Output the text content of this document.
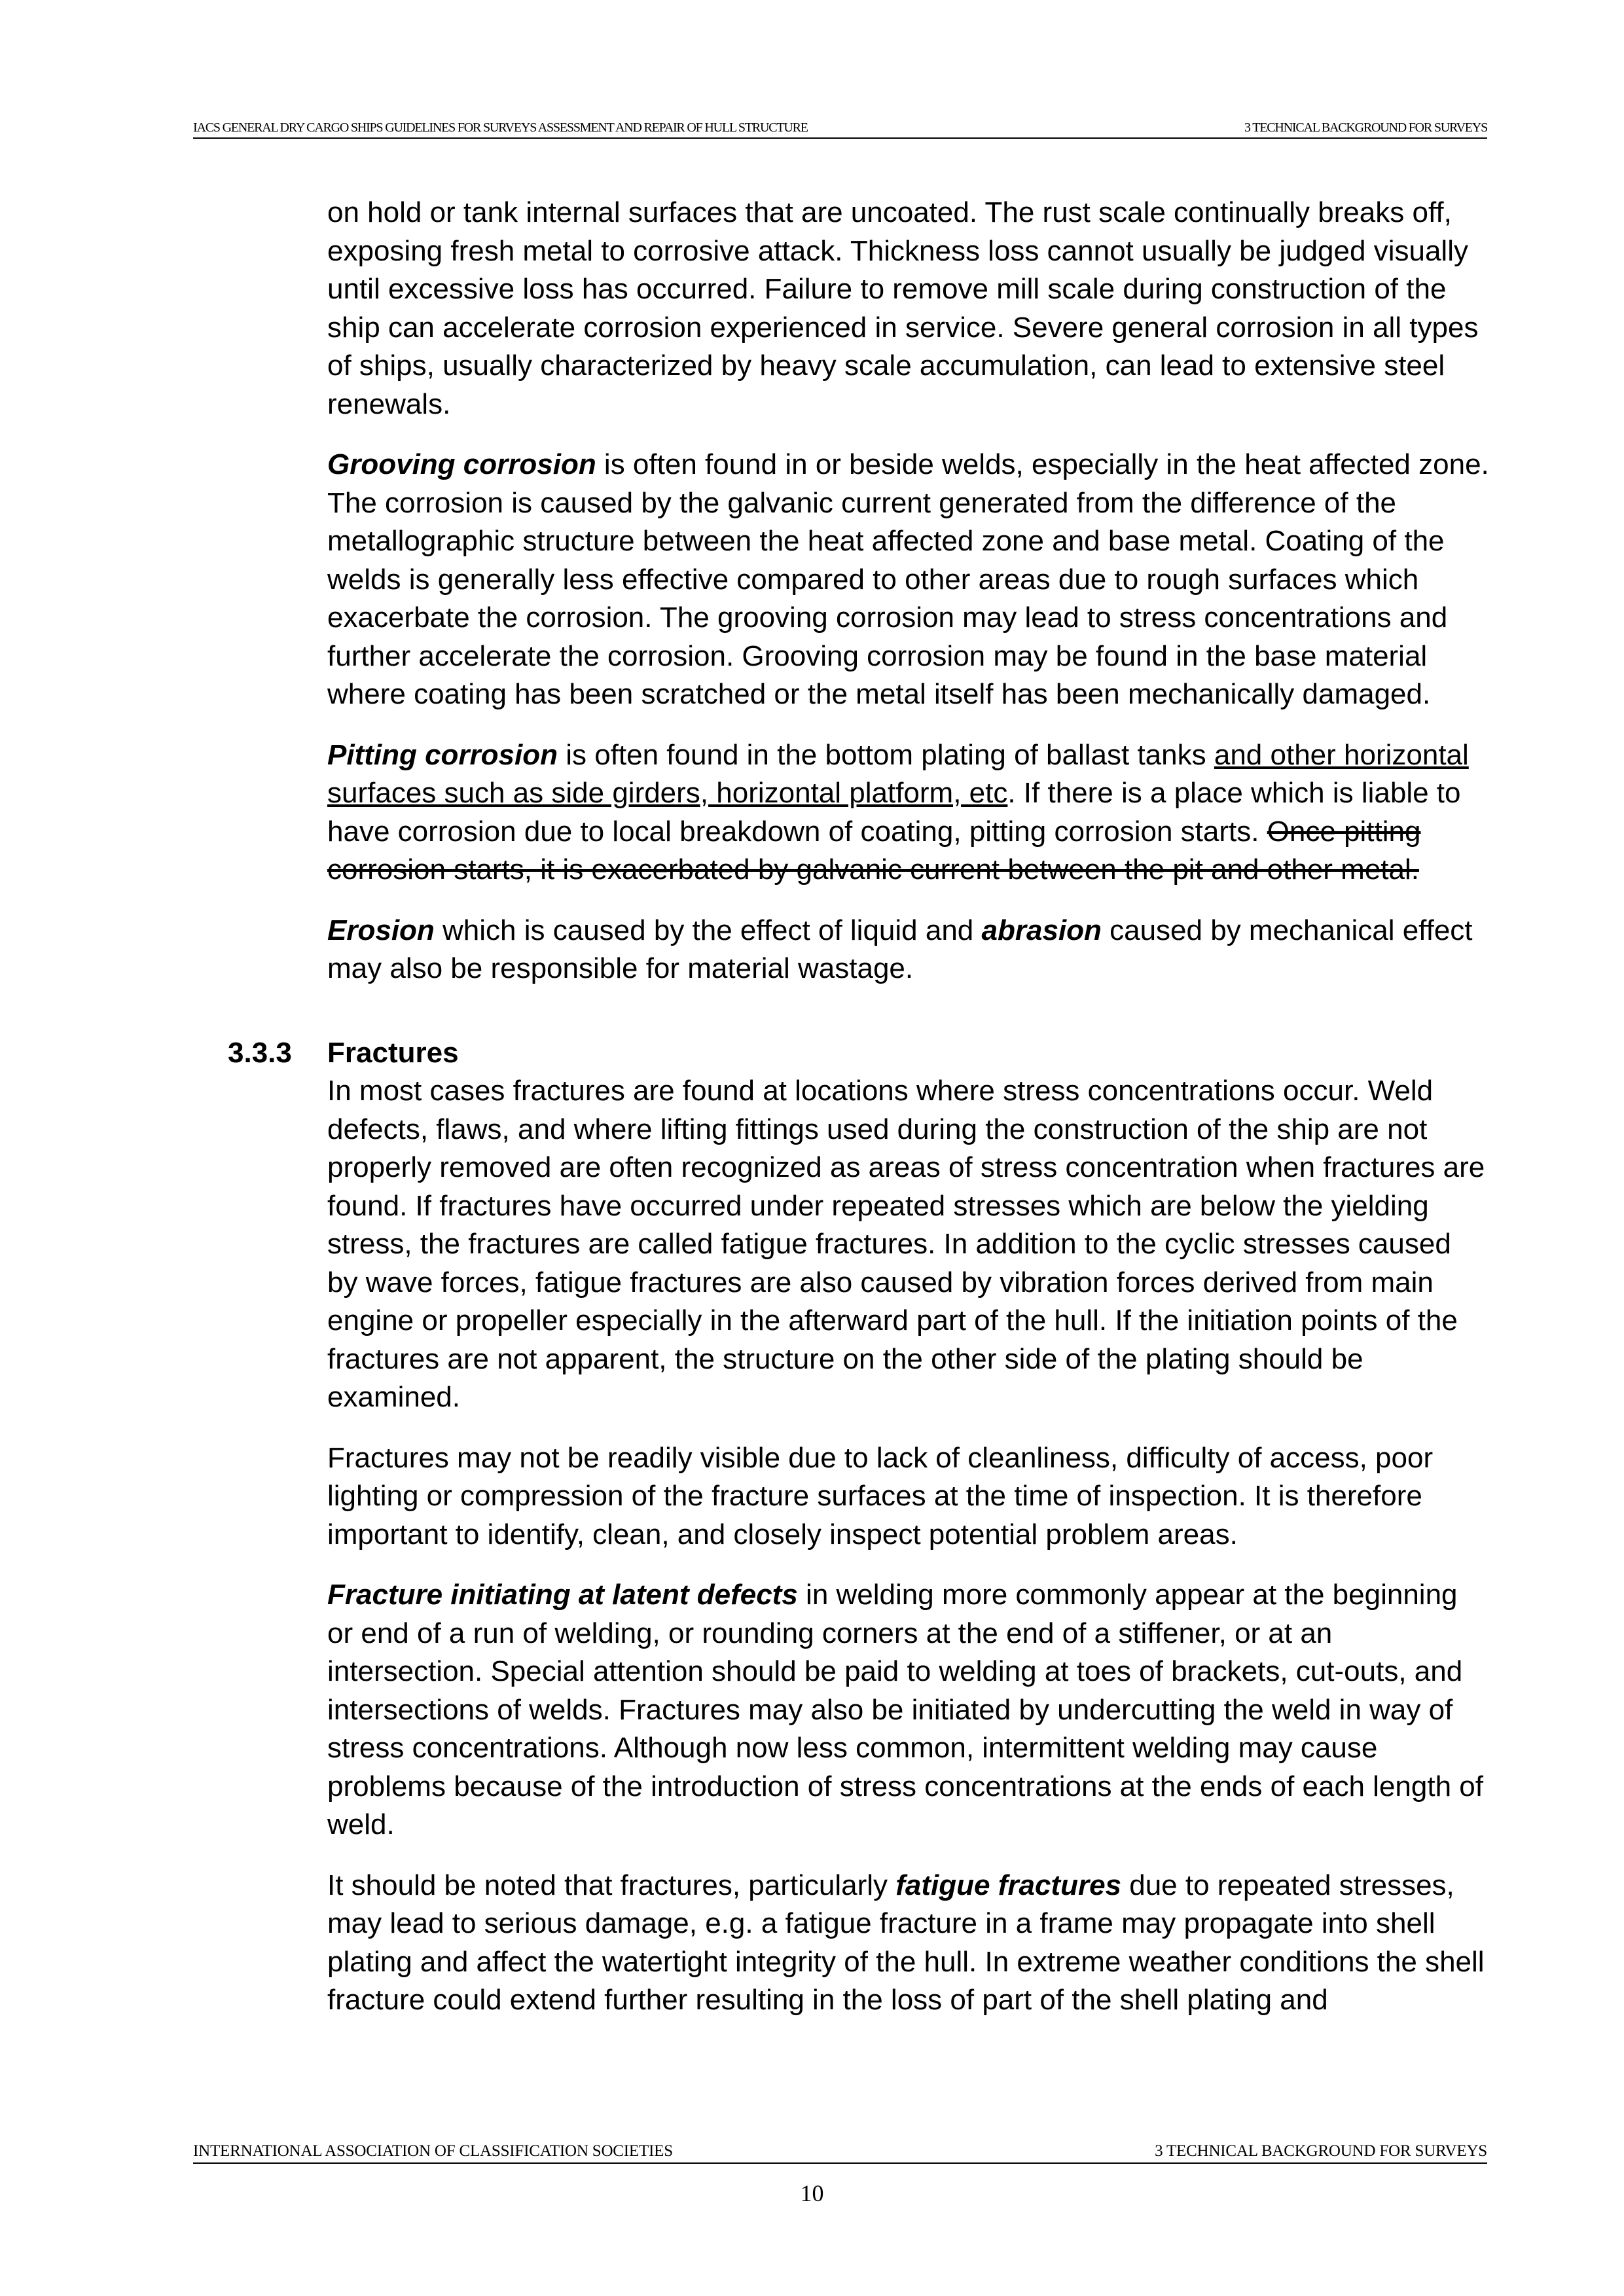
IACS GENERAL DRY CARGO SHIPS GUIDELINES FOR SURVEYS ASSESSMENT AND REPAIR OF HULL STRUCTURE	3 TECHNICAL BACKGROUND FOR SURVEYS

on hold or tank internal surfaces that are uncoated. The rust scale continually breaks off, exposing fresh metal to corrosive attack. Thickness loss cannot usually be judged visually until excessive loss has occurred. Failure to remove mill scale during construction of the ship can accelerate corrosion experienced in service. Severe general corrosion in all types of ships, usually characterized by heavy scale accumulation, can lead to extensive steel renewals.

Grooving corrosion is often found in or beside welds, especially in the heat affected zone. The corrosion is caused by the galvanic current generated from the difference of the metallographic structure between the heat affected zone and base metal. Coating of the welds is generally less effective compared to other areas due to rough surfaces which exacerbate the corrosion. The grooving corrosion may lead to stress concentrations and further accelerate the corrosion. Grooving corrosion may be found in the base material where coating has been scratched or the metal itself has been mechanically damaged.

Pitting corrosion is often found in the bottom plating of ballast tanks and other horizontal surfaces such as side girders, horizontal platform, etc. If there is a place which is liable to have corrosion due to local breakdown of coating, pitting corrosion starts. Once pitting corrosion starts, it is exacerbated by galvanic current between the pit and other metal.

Erosion which is caused by the effect of liquid and abrasion caused by mechanical effect may also be responsible for material wastage.

3.3.3 Fractures

In most cases fractures are found at locations where stress concentrations occur. Weld defects, flaws, and where lifting fittings used during the construction of the ship are not properly removed are often recognized as areas of stress concentration when fractures are found. If fractures have occurred under repeated stresses which are below the yielding stress, the fractures are called fatigue fractures. In addition to the cyclic stresses caused by wave forces, fatigue fractures are also caused by vibration forces derived from main engine or propeller especially in the afterward part of the hull. If the initiation points of the fractures are not apparent, the structure on the other side of the plating should be examined.

Fractures may not be readily visible due to lack of cleanliness, difficulty of access, poor lighting or compression of the fracture surfaces at the time of inspection. It is therefore important to identify, clean, and closely inspect potential problem areas.

Fracture initiating at latent defects in welding more commonly appear at the beginning or end of a run of welding, or rounding corners at the end of a stiffener, or at an intersection. Special attention should be paid to welding at toes of brackets, cut-outs, and intersections of welds. Fractures may also be initiated by undercutting the weld in way of stress concentrations. Although now less common, intermittent welding may cause problems because of the introduction of stress concentrations at the ends of each length of weld.

It should be noted that fractures, particularly fatigue fractures due to repeated stresses, may lead to serious damage, e.g. a fatigue fracture in a frame may propagate into shell plating and affect the watertight integrity of the hull. In extreme weather conditions the shell fracture could extend further resulting in the loss of part of the shell plating and

INTERNATIONAL ASSOCIATION OF CLASSIFICATION SOCIETIES	3 TECHNICAL BACKGROUND FOR SURVEYS
10
